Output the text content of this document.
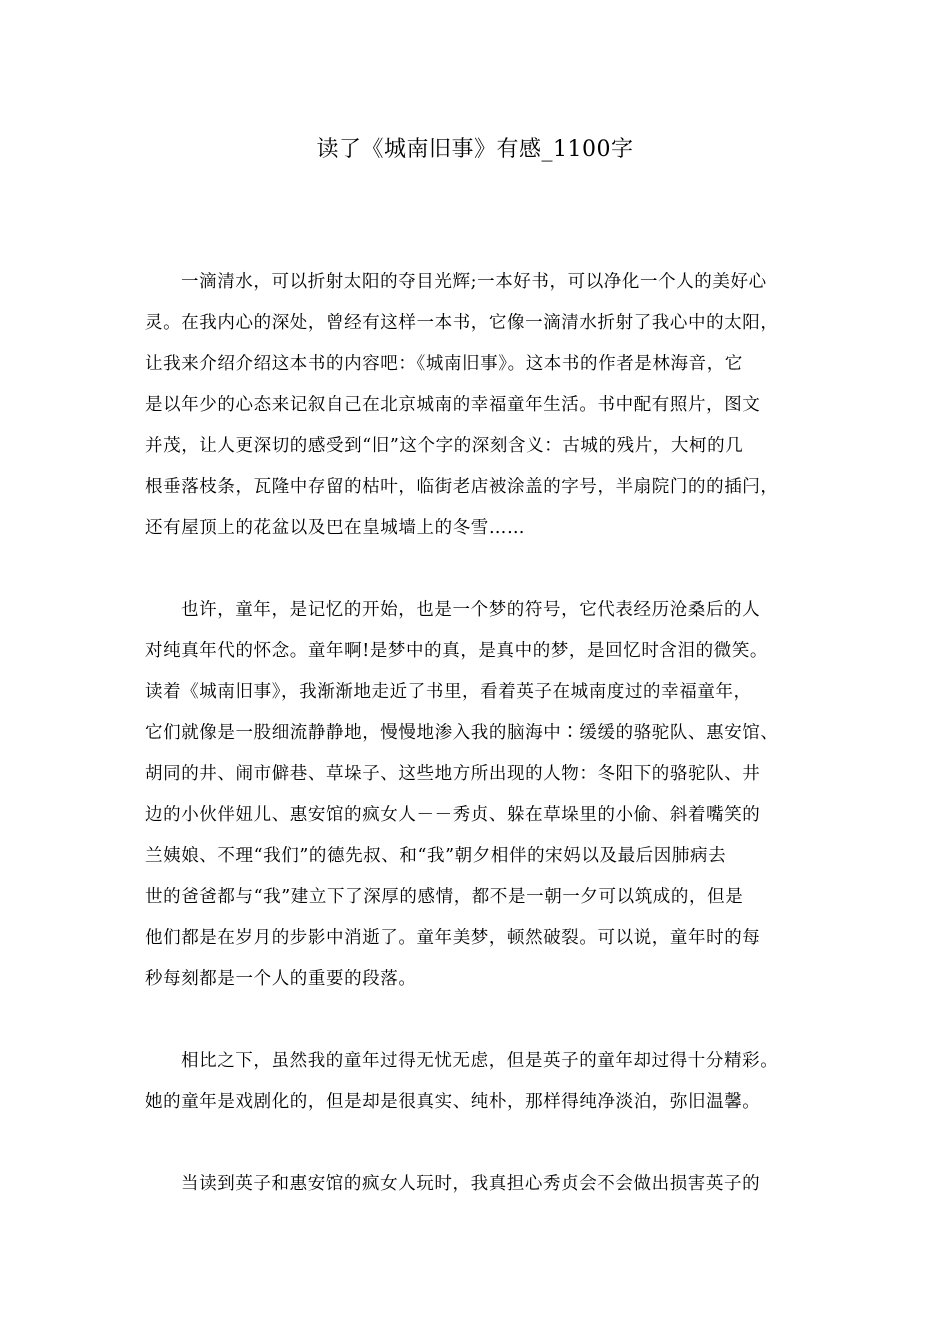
读了《城南旧事》有感_1100字

一滴清水，可以折射太阳的夺目光辉;一本好书，可以净化一个人的美好心
灵。在我内心的深处，曾经有这样一本书，它像一滴清水折射了我心中的太阳，
让我来介绍介绍这本书的内容吧：《城南旧事》。这本书的作者是林海音，它
是以年少的心态来记叙自己在北京城南的幸福童年生活。书中配有照片，图文
并茂，让人更深切的感受到“旧”这个字的深刻含义：古城的残片，大柯的几
根垂落枝条，瓦隆中存留的枯叶，临街老店被涂盖的字号，半扇院门的的插闩，
还有屋顶上的花盆以及巴在皇城墙上的冬雪……

也许，童年，是记忆的开始，也是一个梦的符号，它代表经历沧桑后的人
对纯真年代的怀念。童年啊!是梦中的真，是真中的梦，是回忆时含泪的微笑。
读着《城南旧事》，我渐渐地走近了书里，看着英子在城南度过的幸福童年，
它们就像是一股细流静静地，慢慢地渗入我的脑海中∶缓缓的骆驼队、惠安馆、
胡同的井、闹市僻巷、草垛子、这些地方所出现的人物：冬阳下的骆驼队、井
边的小伙伴妞儿、惠安馆的疯女人－－秀贞、躲在草垛里的小偷、斜着嘴笑的
兰姨娘、不理“我们”的德先叔、和“我”朝夕相伴的宋妈以及最后因肺病去
世的爸爸都与“我”建立下了深厚的感情，都不是一朝一夕可以筑成的，但是
他们都是在岁月的步影中消逝了。童年美梦，顿然破裂。可以说，童年时的每
秒每刻都是一个人的重要的段落。

相比之下，虽然我的童年过得无忧无虑，但是英子的童年却过得十分精彩。
她的童年是戏剧化的，但是却是很真实、纯朴，那样得纯净淡泊，弥旧温馨。

当读到英子和惠安馆的疯女人玩时，我真担心秀贞会不会做出损害英子的
